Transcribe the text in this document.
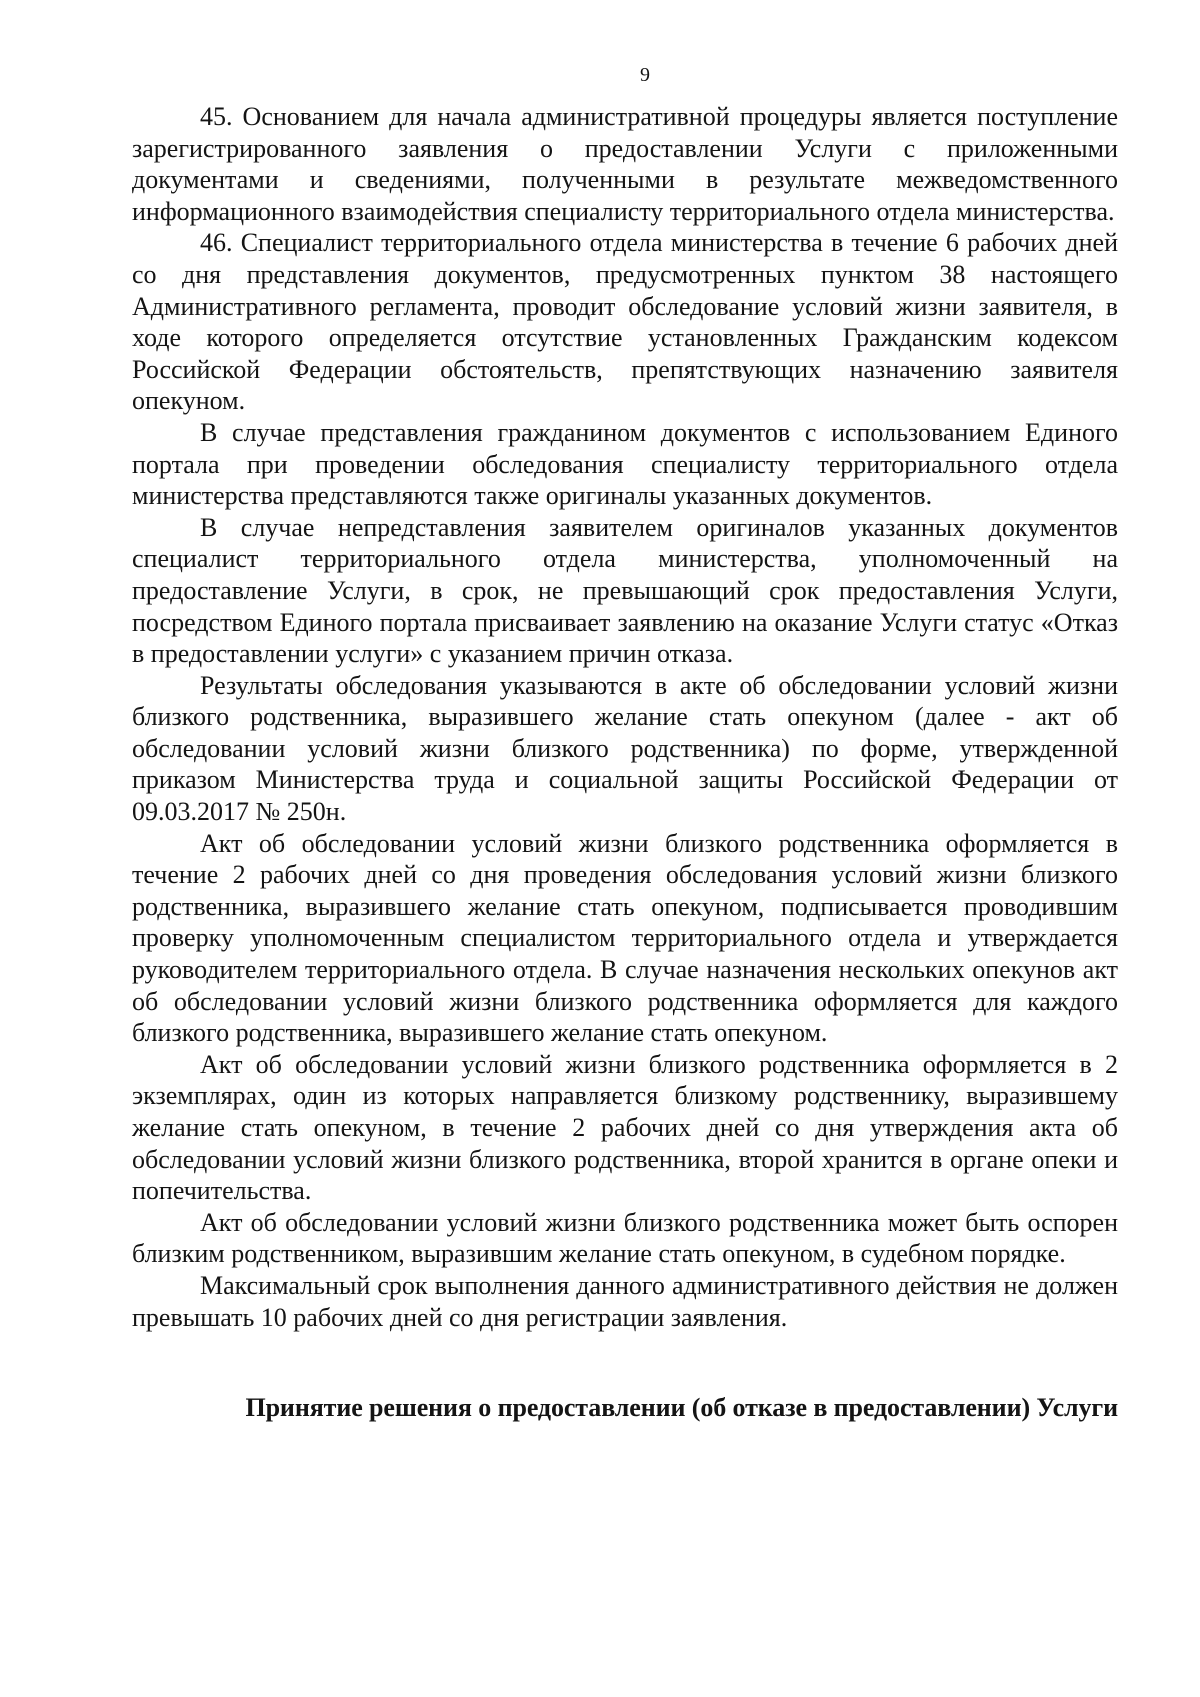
9

45. Основанием для начала административной процедуры является поступление зарегистрированного заявления о предоставлении Услуги с приложенными документами и сведениями, полученными в результате межведомственного информационного взаимодействия специалисту территориального отдела министерства.

46. Специалист территориального отдела министерства в течение 6 рабочих дней со дня представления документов, предусмотренных пунктом 38 настоящего Административного регламента, проводит обследование условий жизни заявителя, в ходе которого определяется отсутствие установленных Гражданским кодексом Российской Федерации обстоятельств, препятствующих назначению заявителя опекуном.

В случае представления гражданином документов с использованием Единого портала при проведении обследования специалисту территориального отдела министерства представляются также оригиналы указанных документов.

В случае непредставления заявителем оригиналов указанных документов специалист территориального отдела министерства, уполномоченный на предоставление Услуги, в срок, не превышающий срок предоставления Услуги, посредством Единого портала присваивает заявлению на оказание Услуги статус «Отказ в предоставлении услуги» с указанием причин отказа.

Результаты обследования указываются в акте об обследовании условий жизни близкого родственника, выразившего желание стать опекуном (далее - акт об обследовании условий жизни близкого родственника) по форме, утвержденной приказом Министерства труда и социальной защиты Российской Федерации от 09.03.2017 № 250н.

Акт об обследовании условий жизни близкого родственника оформляется в течение 2 рабочих дней со дня проведения обследования условий жизни близкого родственника, выразившего желание стать опекуном, подписывается проводившим проверку уполномоченным специалистом территориального отдела и утверждается руководителем территориального отдела. В случае назначения нескольких опекунов акт об обследовании условий жизни близкого родственника оформляется для каждого близкого родственника, выразившего желание стать опекуном.

Акт об обследовании условий жизни близкого родственника оформляется в 2 экземплярах, один из которых направляется близкому родственнику, выразившему желание стать опекуном, в течение 2 рабочих дней со дня утверждения акта об обследовании условий жизни близкого родственника, второй хранится в органе опеки и попечительства.

Акт об обследовании условий жизни близкого родственника может быть оспорен близким родственником, выразившим желание стать опекуном, в судебном порядке.

Максимальный срок выполнения данного административного действия не должен превышать 10 рабочих дней со дня регистрации заявления.

Принятие решения о предоставлении (об отказе в предоставлении) Услуги
